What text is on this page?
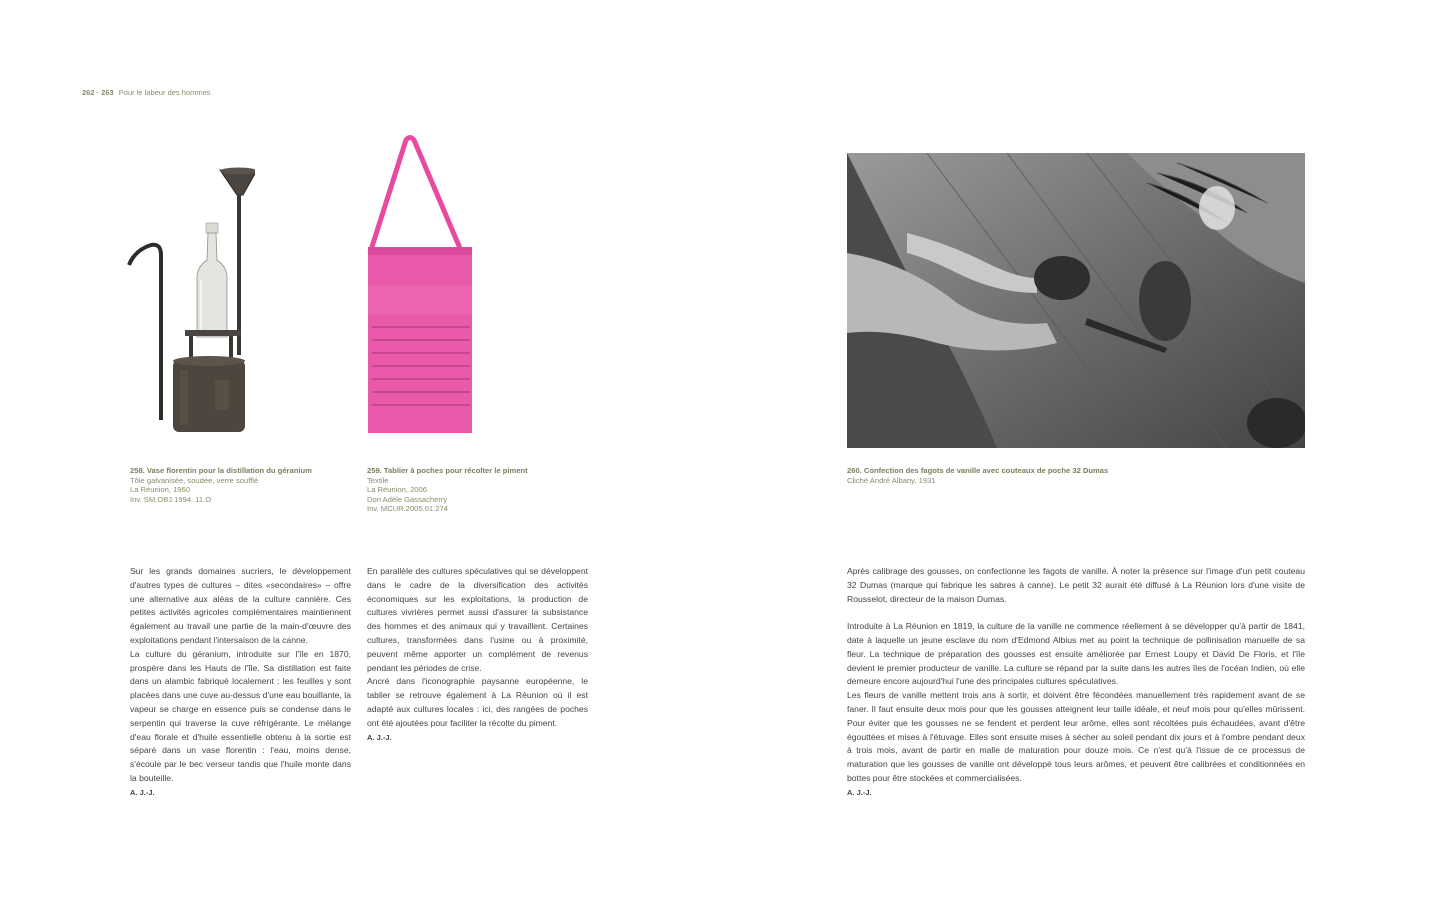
262 · 263 Pour le labeur des hommes
258. Vase florentin pour la distillation du géranium
Tôle galvanisée, soudée, verre soufflé
La Réunion, 1960
Inv. SM.OBJ.1994. 11.O
259. Tablier à poches pour récolter le piment
Textile
La Réunion, 2006
Don Adèle Gassacherry
Inv. MCUR.2005.01.274
260. Confection des fagots de vanille avec couteaux de poche 32 Dumas
Cliché André Albany, 1931

Sur les grands domaines sucriers, le développement d'autres types de cultures – dites «secondaires» – offre une alternative aux aléas de la culture cannière. Ces petites activités agricoles complémentaires maintiennent également au travail une partie de la main-d'œuvre des exploitations pendant l'intersaison de la canne.

La culture du géranium, introduite sur l'île en 1870, prospère dans les Hauts de l'île. Sa distillation est faite dans un alambic fabriqué localement : les feuilles y sont placées dans une cuve au-dessus d'une eau bouillante, la vapeur se charge en essence puis se condense dans le serpentin qui traverse la cuve réfrigérante. Le mélange d'eau florale et d'huile essentielle obtenu à la sortie est séparé dans un vase florentin : l'eau, moins dense, s'écoule par le bec verseur tandis que l'huile monte dans la bouteille.

A. J.-J.

En parallèle des cultures spéculatives qui se développent dans le cadre de la diversification des activités économiques sur les exploitations, la production de cultures vivrières permet aussi d'assurer la subsistance des hommes et des animaux qui y travaillent. Certaines cultures, transformées dans l'usine ou à proximité, peuvent même apporter un complément de revenus pendant les périodes de crise.

Ancré dans l'iconographie paysanne européenne, le tablier se retrouve également à La Réunion où il est adapté aux cultures locales : ici, des rangées de poches ont été ajoutées pour faciliter la récolte du piment.

A. J.-J.

Après calibrage des gousses, on confectionne les fagots de vanille. À noter la présence sur l'image d'un petit couteau 32 Dumas (marque qui fabrique les sabres à canne). Le petit 32 aurait été diffusé à La Réunion lors d'une visite de Rousselot, directeur de la maison Dumas.

Introduite à La Réunion en 1819, la culture de la vanille ne commence réellement à se développer qu'à partir de 1841, date à laquelle un jeune esclave du nom d'Edmond Albius met au point la technique de pollinisation manuelle de sa fleur. La technique de préparation des gousses est ensuite améliorée par Ernest Loupy et David De Floris, et l'île devient le premier producteur de vanille. La culture se répand par la suite dans les autres îles de l'océan Indien, où elle demeure encore aujourd'hui l'une des principales cultures spéculatives.

Les fleurs de vanille mettent trois ans à sortir, et doivent être fécondées manuellement très rapidement avant de se faner. Il faut ensuite deux mois pour que les gousses atteignent leur taille idéale, et neuf mois pour qu'elles mûrissent. Pour éviter que les gousses ne se fendent et perdent leur arôme, elles sont récoltées puis échaudées, avant d'être égouttées et mises à l'étuvage. Elles sont ensuite mises à sécher au soleil pendant dix jours et à l'ombre pendant deux à trois mois, avant de partir en malle de maturation pour douze mois. Ce n'est qu'à l'issue de ce processus de maturation que les gousses de vanille ont développé tous leurs arômes, et peuvent être calibrées et conditionnées en bottes pour être stockées et commercialisées.

A. J.-J.
